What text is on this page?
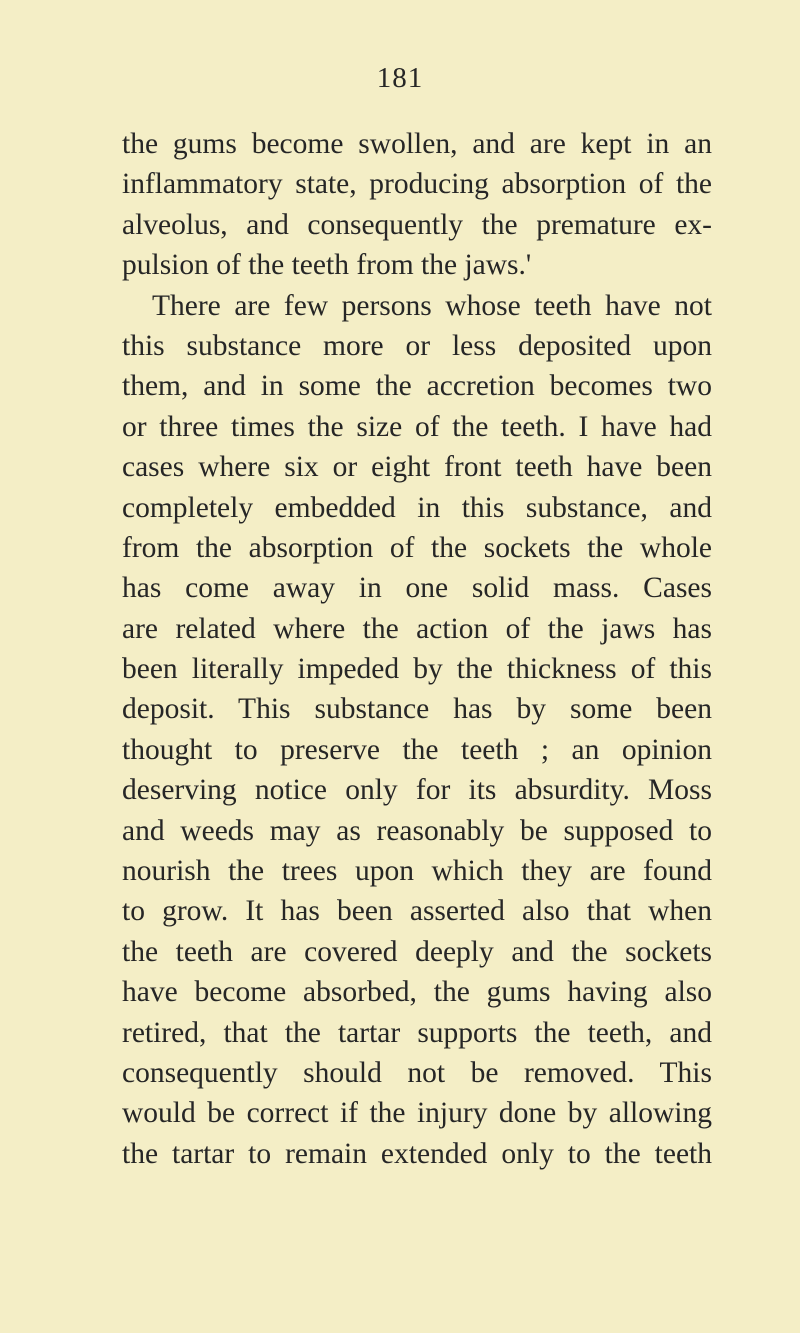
181
the gums become swollen, and are kept in an
inflammatory state, producing absorption of the
alveolus, and consequently the premature ex-
pulsion of the teeth from the jaws.'
There are few persons whose teeth have not
this substance more or less deposited upon
them, and in some the accretion becomes two
or three times the size of the teeth. I have had
cases where six or eight front teeth have been
completely embedded in this substance, and
from the absorption of the sockets the whole
has come away in one solid mass. Cases
are related where the action of the jaws has
been literally impeded by the thickness of this
deposit. This substance has by some been
thought to preserve the teeth ; an opinion
deserving notice only for its absurdity. Moss
and weeds may as reasonably be supposed to
nourish the trees upon which they are found
to grow. It has been asserted also that when
the teeth are covered deeply and the sockets
have become absorbed, the gums having also
retired, that the tartar supports the teeth, and
consequently should not be removed. This
would be correct if the injury done by allowing
the tartar to remain extended only to the teeth
